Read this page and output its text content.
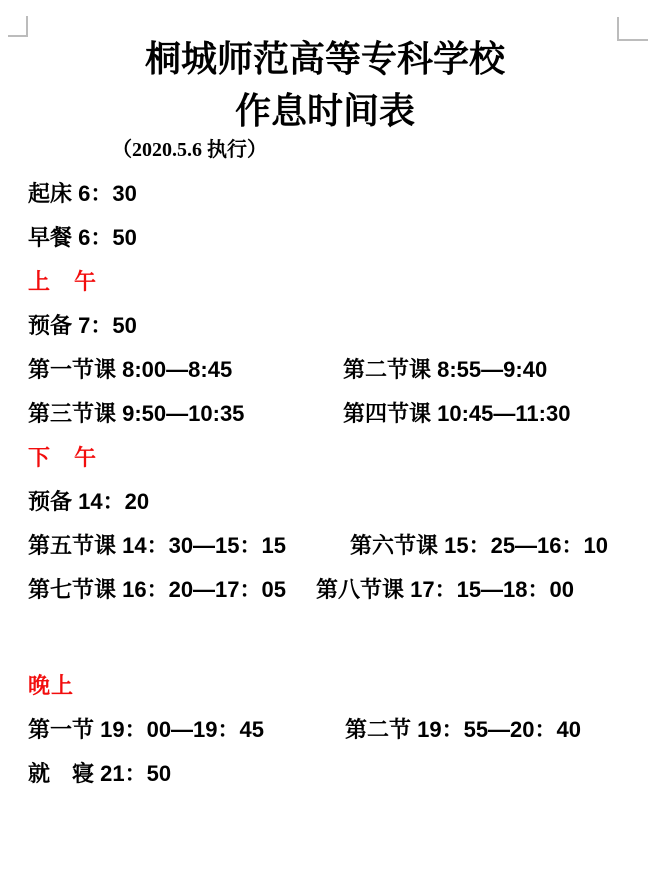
桐城师范高等专科学校
作息时间表
（2020.5.6 执行）
起床 6：30
早餐 6：50
上　午
预备 7：50
第一节课 8:00—8:45	第二节课 8:55—9:40
第三节课 9:50—10:35	第四节课 10:45—11:30
下　午
预备 14：20
第五节课 14：30—15：15	第六节课 15：25—16：10
第七节课 16：20—17：05 第八节课 17：15—18：00
晚上
第一节 19：00—19：45	第二节 19：55—20：40
就　寝 21：50
